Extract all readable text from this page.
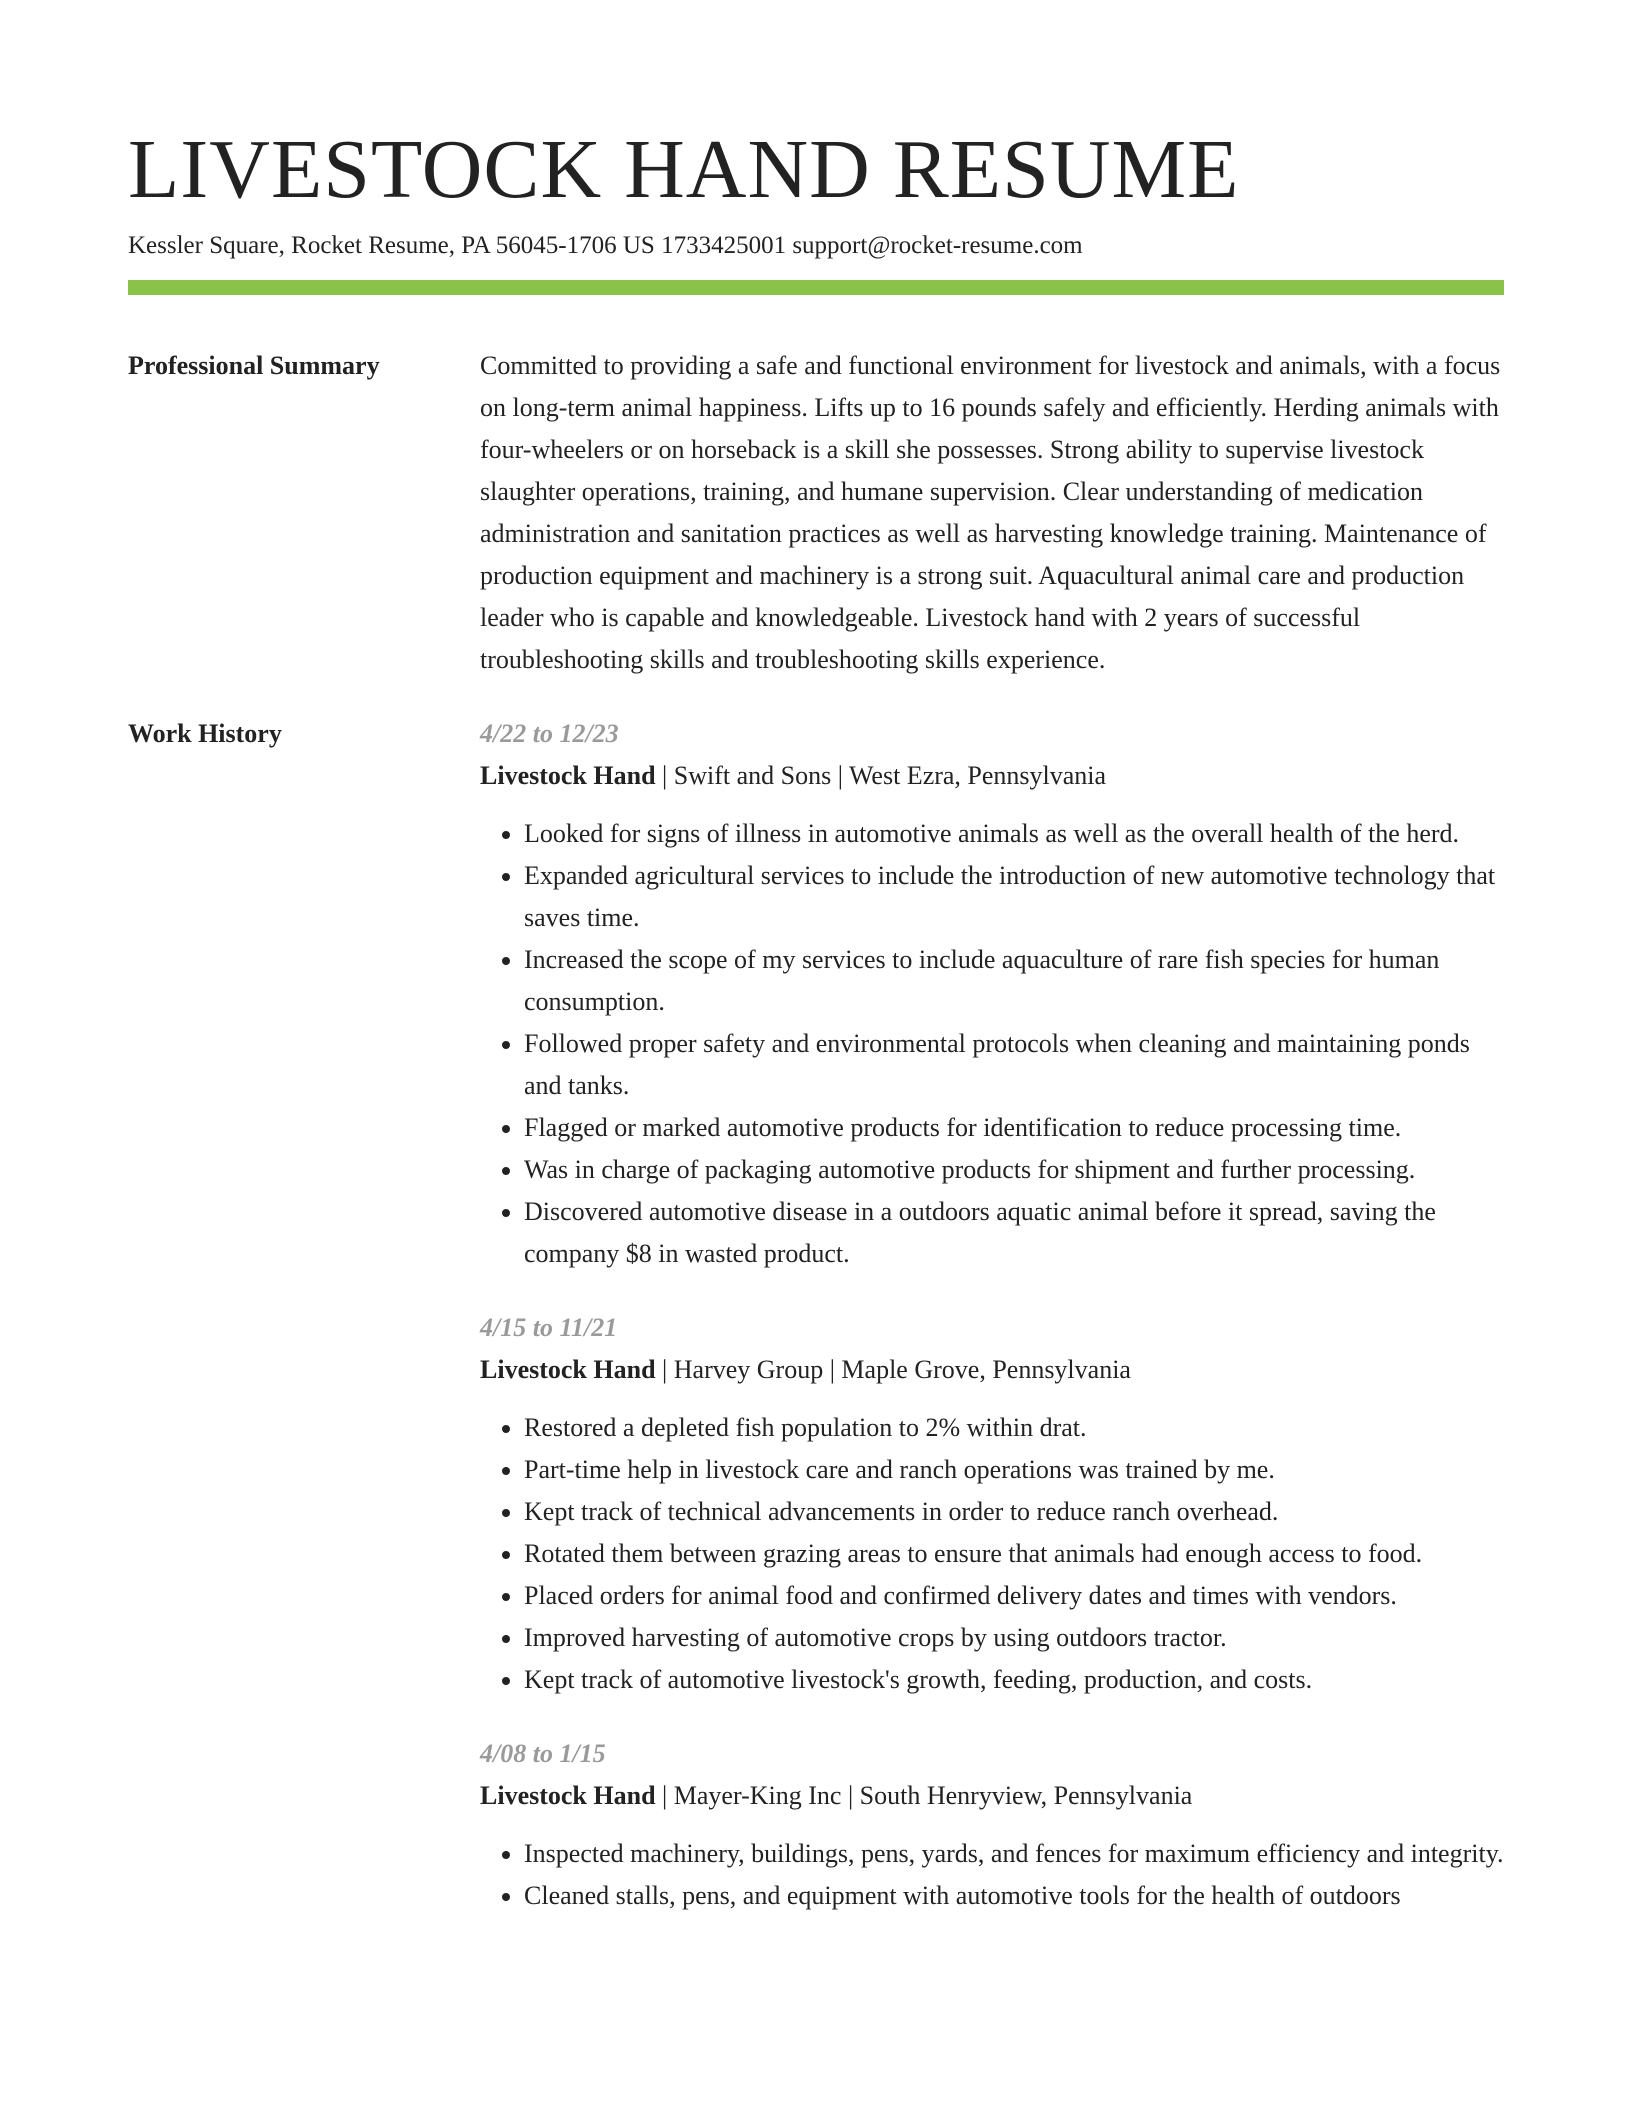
LIVESTOCK HAND RESUME
Kessler Square, Rocket Resume, PA 56045-1706 US 1733425001 support@rocket-resume.com
Professional Summary	Committed to providing a safe and functional environment for livestock and animals, with a focus on long-term animal happiness. Lifts up to 16 pounds safely and efficiently. Herding animals with four-wheelers or on horseback is a skill she possesses. Strong ability to supervise livestock slaughter operations, training, and humane supervision. Clear understanding of medication administration and sanitation practices as well as harvesting knowledge training. Maintenance of production equipment and machinery is a strong suit. Aquacultural animal care and production leader who is capable and knowledgeable. Livestock hand with 2 years of successful troubleshooting skills and troubleshooting skills experience.
Work History	4/22 to 12/23
Livestock Hand | Swift and Sons | West Ezra, Pennsylvania
• Looked for signs of illness in automotive animals as well as the overall health of the herd.
• Expanded agricultural services to include the introduction of new automotive technology that saves time.
• Increased the scope of my services to include aquaculture of rare fish species for human consumption.
• Followed proper safety and environmental protocols when cleaning and maintaining ponds and tanks.
• Flagged or marked automotive products for identification to reduce processing time.
• Was in charge of packaging automotive products for shipment and further processing.
• Discovered automotive disease in a outdoors aquatic animal before it spread, saving the company $8 in wasted product.
4/15 to 11/21
Livestock Hand | Harvey Group | Maple Grove, Pennsylvania
• Restored a depleted fish population to 2% within drat.
• Part-time help in livestock care and ranch operations was trained by me.
• Kept track of technical advancements in order to reduce ranch overhead.
• Rotated them between grazing areas to ensure that animals had enough access to food.
• Placed orders for animal food and confirmed delivery dates and times with vendors.
• Improved harvesting of automotive crops by using outdoors tractor.
• Kept track of automotive livestock's growth, feeding, production, and costs.
4/08 to 1/15
Livestock Hand | Mayer-King Inc | South Henryview, Pennsylvania
• Inspected machinery, buildings, pens, yards, and fences for maximum efficiency and integrity.
• Cleaned stalls, pens, and equipment with automotive tools for the health of outdoors
